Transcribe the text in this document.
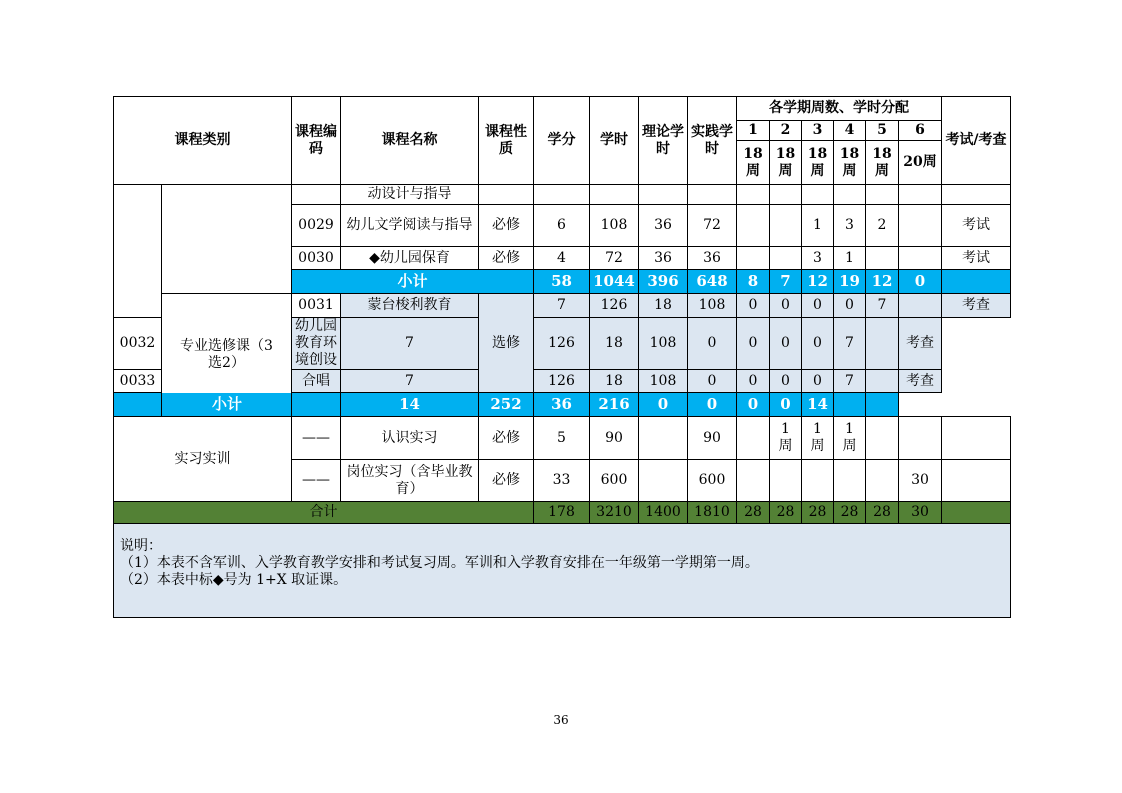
课程类别		课程编码	课程名称	课程性质	学分	学时	理论学时	实践学时	各学期周数、学时分配						考试/考查
									1	2	3	4	5	6	
									18周	18周	18周	18周	18周	20周	
			动设计与指导												
		0029	幼儿文学阅读与指导	必修	6	108	36	72			1	3	2		考试
		0030	◆幼儿园保育	必修	4	72	36	36			3	1			考试
		小计			58	1044	396	648	8	7	12	19	12	0	
	专业选修课（3选2）	0031	蒙台梭利教育	选修	7	126	18	108	0	0	0	0	7		考查
0032		幼儿园教育环境创设	7		126	18	108	0	0	0	0	7		考查	
0033		合唱	7		126	18	108	0	0	0	0	7		考查	
小计			14	252	36	216	0	0	0	0	14				
实习实训		——	认识实习	必修	5	90		90		1周	1周	1周			
		——	岗位实习（含毕业教育）	必修	33	600		600						30	
合计					178	3210	1400	1810	28	28	28	28	28	30	

说明：
（1）本表不含军训、入学教育教学安排和考试复习周。军训和入学教育安排在一年级第一学期第一周。
（2）本表中标◆号为 1+X 取证课。															
36
